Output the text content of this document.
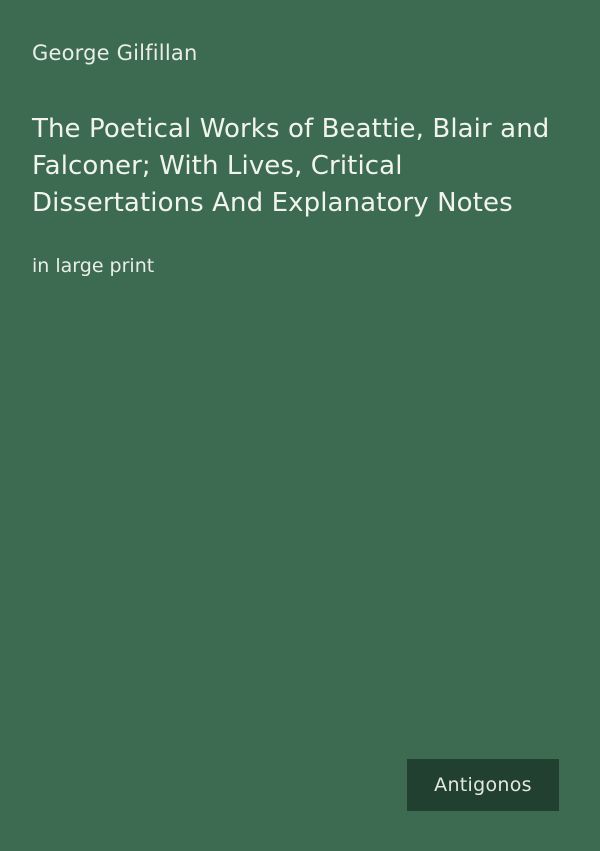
George Gilfillan
The Poetical Works of Beattie, Blair and Falconer; With Lives, Critical Dissertations And Explanatory Notes
in large print
Antigonos
